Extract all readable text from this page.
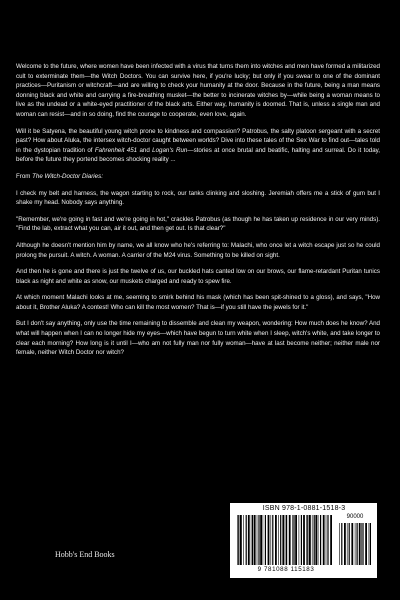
Welcome to the future, where women have been infected with a virus that turns them into witches and men have formed a militarized cult to exterminate them—the Witch Doctors. You can survive here, if you're lucky; but only if you swear to one of the dominant practices—Puritanism or witchcraft—and are willing to check your humanity at the door. Because in the future, being a man means donning black and white and carrying a fire-breathing musket—the better to incinerate witches by—while being a woman means to live as the undead or a white-eyed practitioner of the black arts. Either way, humanity is doomed. That is, unless a single man and woman can resist—and in so doing, find the courage to cooperate, even love, again.

Will it be Satyena, the beautiful young witch prone to kindness and compassion? Patrobus, the salty platoon sergeant with a secret past? How about Aluka, the intersex witch-doctor caught between worlds? Dive into these tales of the Sex War to find out—tales told in the dystopian tradition of Fahrenheit 451 and Logan's Run—stories at once brutal and beatific, halting and surreal. Do it today, before the future they portend becomes shocking reality ...

From The Witch-Doctor Diaries:

I check my belt and harness, the wagon starting to rock, our tanks clinking and sloshing. Jeremiah offers me a stick of gum but I shake my head. Nobody says anything.

"Remember, we're going in fast and we're going in hot," crackles Patrobus (as though he has taken up residence in our very minds). "Find the lab, extract what you can, air it out, and then get out. Is that clear?"

Although he doesn't mention him by name, we all know who he's referring to: Malachi, who once let a witch escape just so he could prolong the pursuit. A witch. A woman. A carrier of the M24 virus. Something to be killed on sight.

And then he is gone and there is just the twelve of us, our buckled hats canted low on our brows, our flame-retardant Puritan tunics black as night and white as snow, our muskets charged and ready to spew fire.

At which moment Malachi looks at me, seeming to smirk behind his mask (which has been spit-shined to a gloss), and says, "How about it, Brother Aluka? A contest! Who can kill the most women? That is—if you still have the jewels for it."

But I don't say anything, only use the time remaining to dissemble and clean my weapon, wondering: How much does he know? And what will happen when I can no longer hide my eyes—which have begun to turn white when I sleep, witch's white, and take longer to clear each morning? How long is it until I—who am not fully man nor fully woman—have at last become neither; neither male nor female, neither Witch Doctor nor witch?

Hobb's End Books
ISBN 978-1-0881-1518-3
90000
9 781088 115183
